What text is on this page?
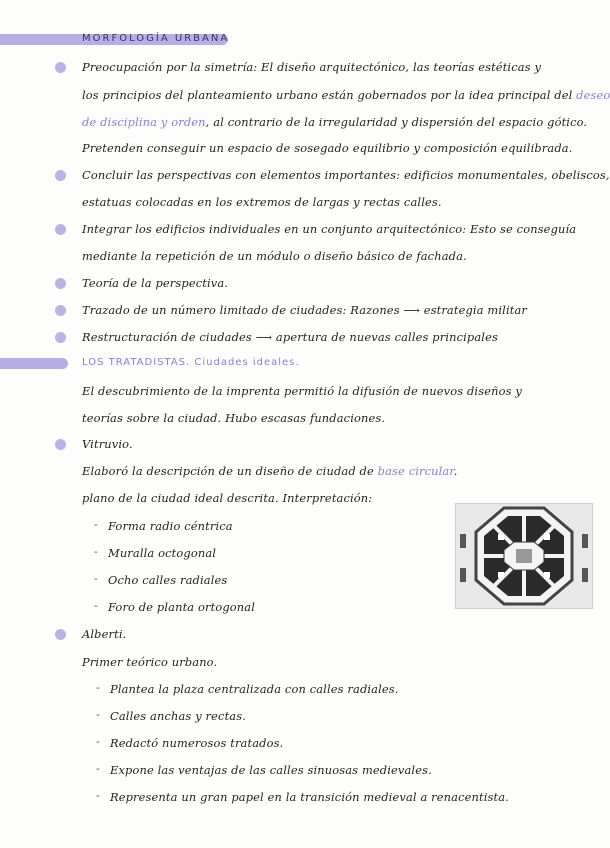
MORFOLOGÍA URBANA
Preocupación por la simetría: El diseño arquitectónico, las teorías estéticas y
los principios del planteamiento urbano están gobernados por la idea principal del deseo
de disciplina y orden, al contrario de la irregularidad y dispersión del espacio gótico.
Pretenden conseguir un espacio de sosegado equilibrio y composición equilibrada.
Concluir las perspectivas con elementos importantes: edificios monumentales, obeliscos,
estatuas colocadas en los extremos de largas y rectas calles.
Integrar los edificios individuales en un conjunto arquitectónico: Esto se conseguía
mediante la repetición de un módulo o diseño básico de fachada.
Teoría de la perspectiva.
Trazado de un número limitado de ciudades: Razones ⟶ estrategia militar
Restructuración de ciudades ⟶ apertura de nuevas calles principales
LOS TRATADISTAS. Ciudades ideales.
El descubrimiento de la imprenta permitió la difusión de nuevos diseños y
teorías sobre la ciudad. Hubo escasas fundaciones.
Vitruvio.
Elaboró la descripción de un diseño de ciudad de base circular.
plano de la ciudad ideal descrita. Interpretación:
- Forma radio céntrica
- Muralla octogonal
- Ocho calles radiales
- Foro de planta ortogonal
Alberti.
Primer teórico urbano.
- Plantea la plaza centralizada con calles radiales.
- Calles anchas y rectas.
- Redactó numerosos tratados.
- Expone las ventajas de las calles sinuosas medievales.
- Representa un gran papel en la transición medieval a renacentista.
